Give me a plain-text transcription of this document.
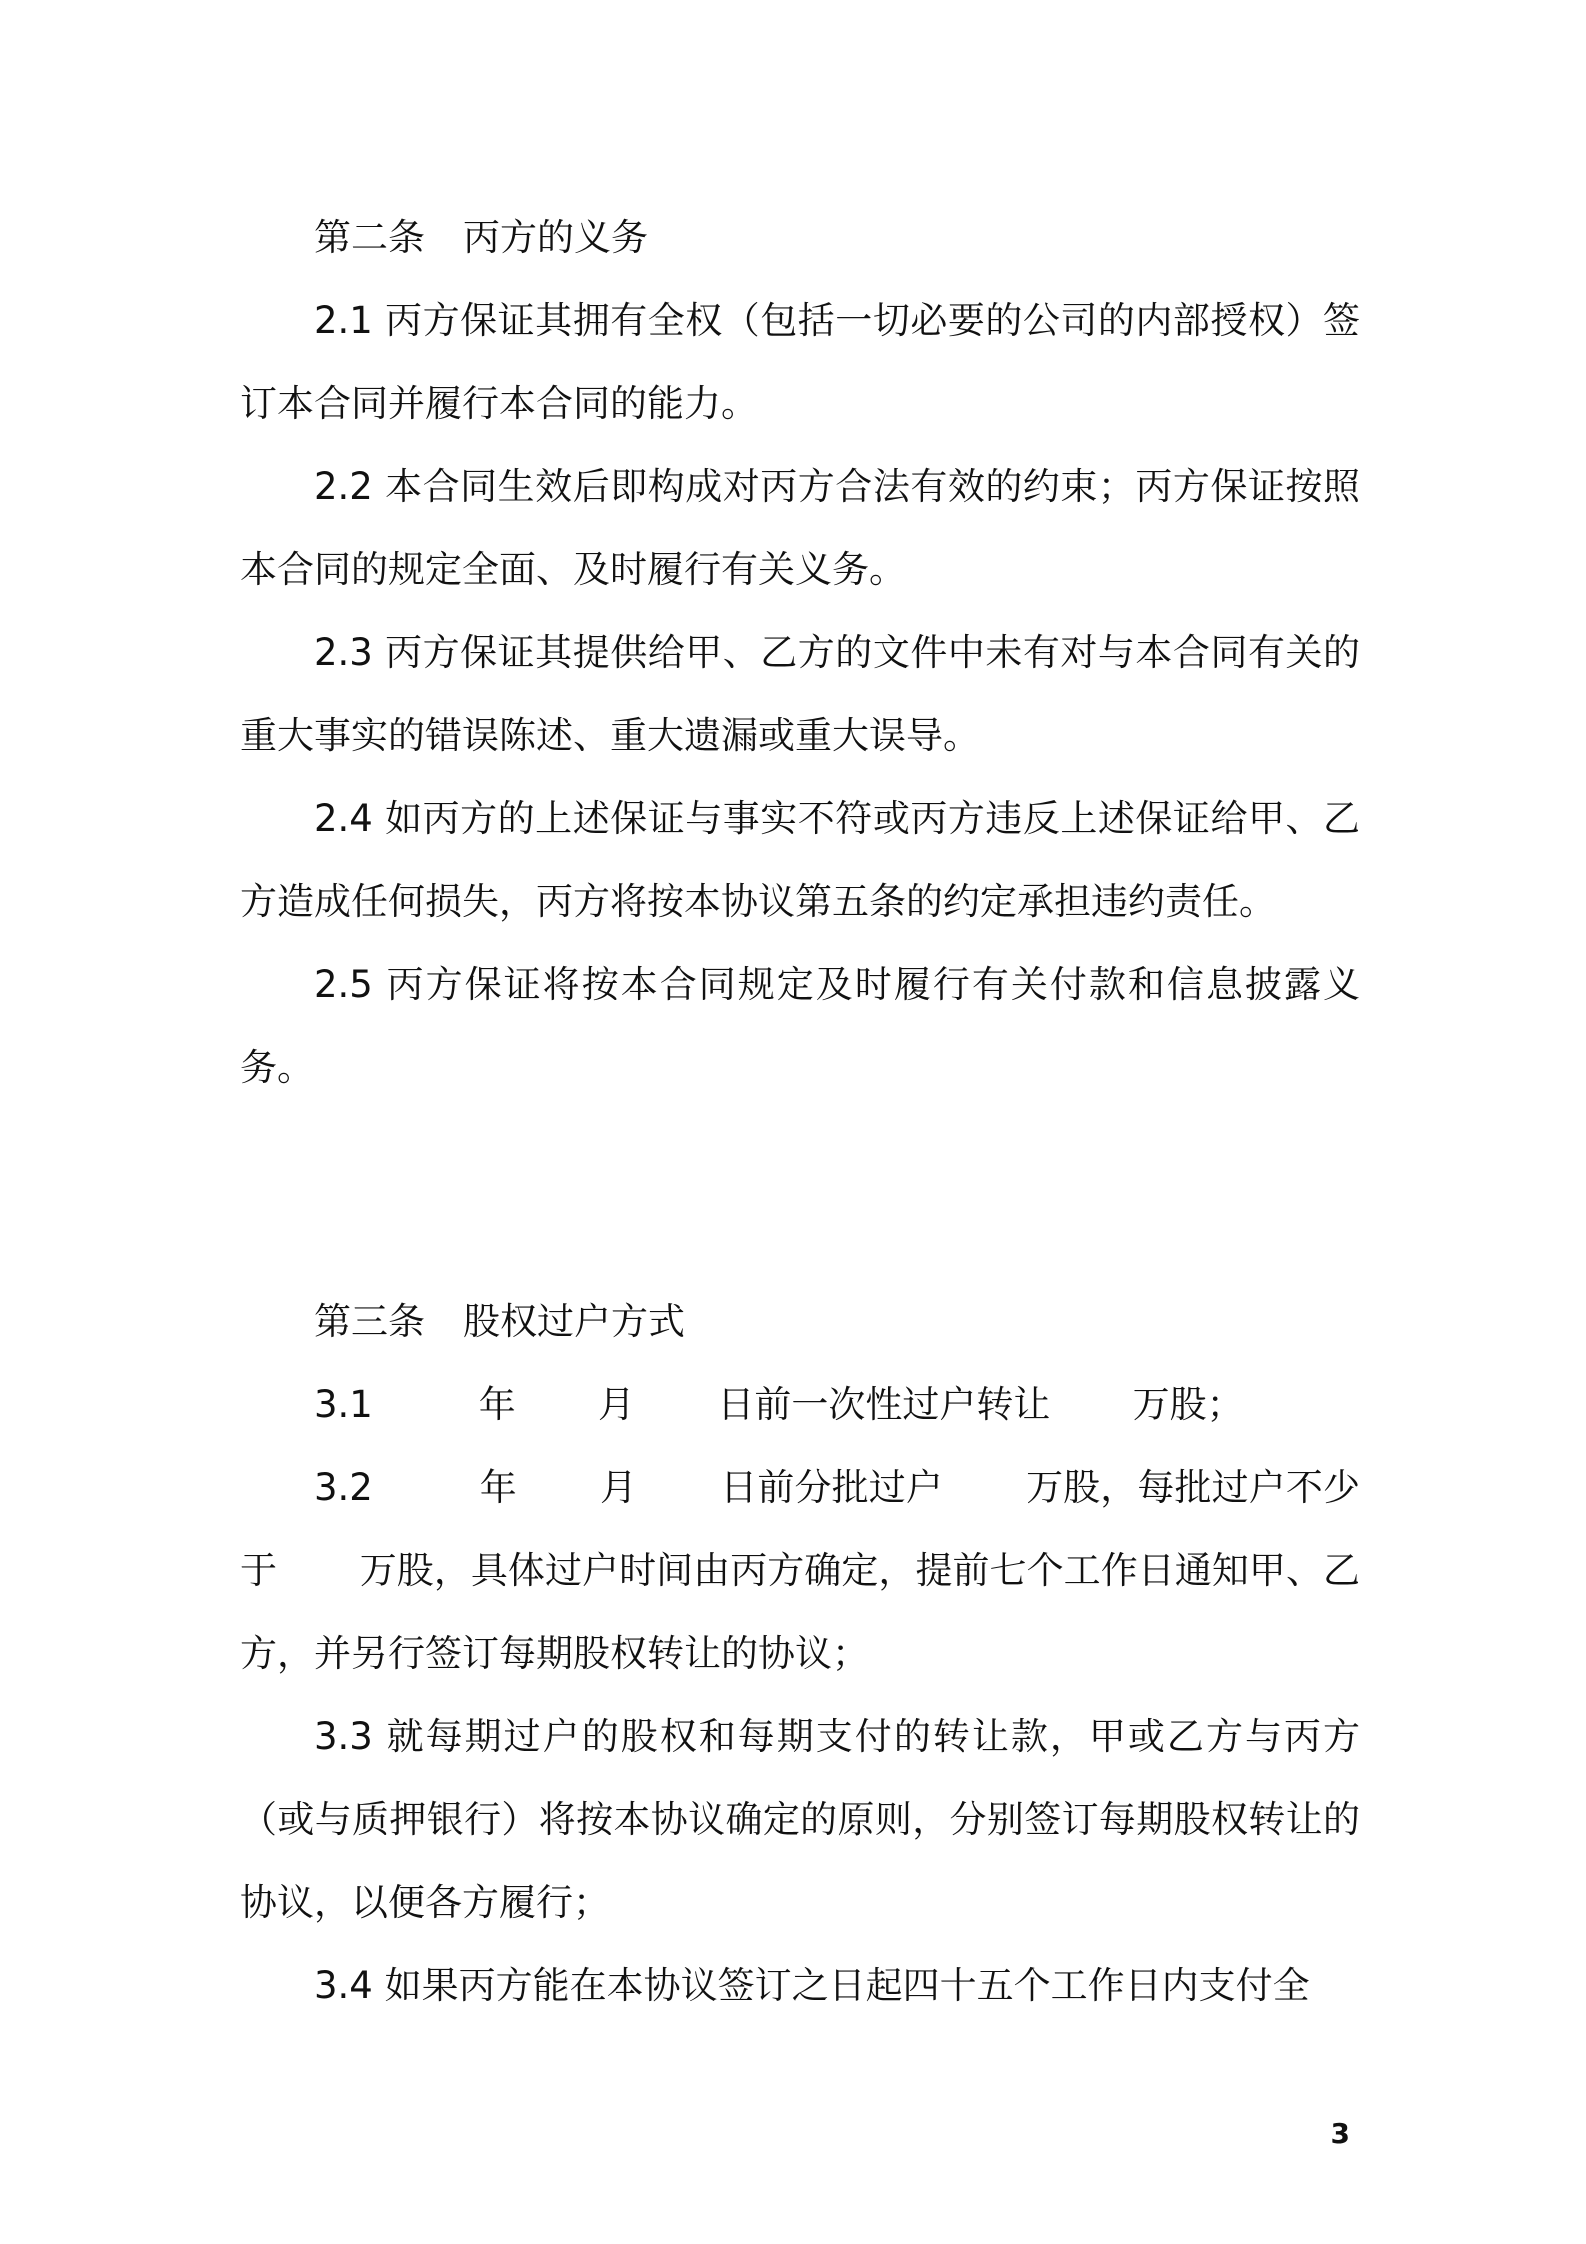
第二条 丙方的义务

2.1 丙方保证其拥有全权（包括一切必要的公司的内部授权）签订本合同并履行本合同的能力。

2.2 本合同生效后即构成对丙方合法有效的约束；丙方保证按照本合同的规定全面、及时履行有关义务。

2.3 丙方保证其提供给甲、乙方的文件中未有对与本合同有关的重大事实的错误陈述、重大遗漏或重大误导。

2.4 如丙方的上述保证与事实不符或丙方违反上述保证给甲、乙方造成任何损失，丙方将按本协议第五条的约定承担违约责任。

2.5 丙方保证将按本合同规定及时履行有关付款和信息披露义务。

第三条 股权过户方式

3.1         年       月       日前一次性过户转让       万股；

3.2         年       月       日前分批过户       万股，每批过户不少于       万股，具体过户时间由丙方确定，提前七个工作日通知甲、乙方，并另行签订每期股权转让的协议；

3.3 就每期过户的股权和每期支付的转让款，甲或乙方与丙方（或与质押银行）将按本协议确定的原则，分别签订每期股权转让的协议，以便各方履行；

3.4 如果丙方能在本协议签订之日起四十五个工作日内支付全

3
